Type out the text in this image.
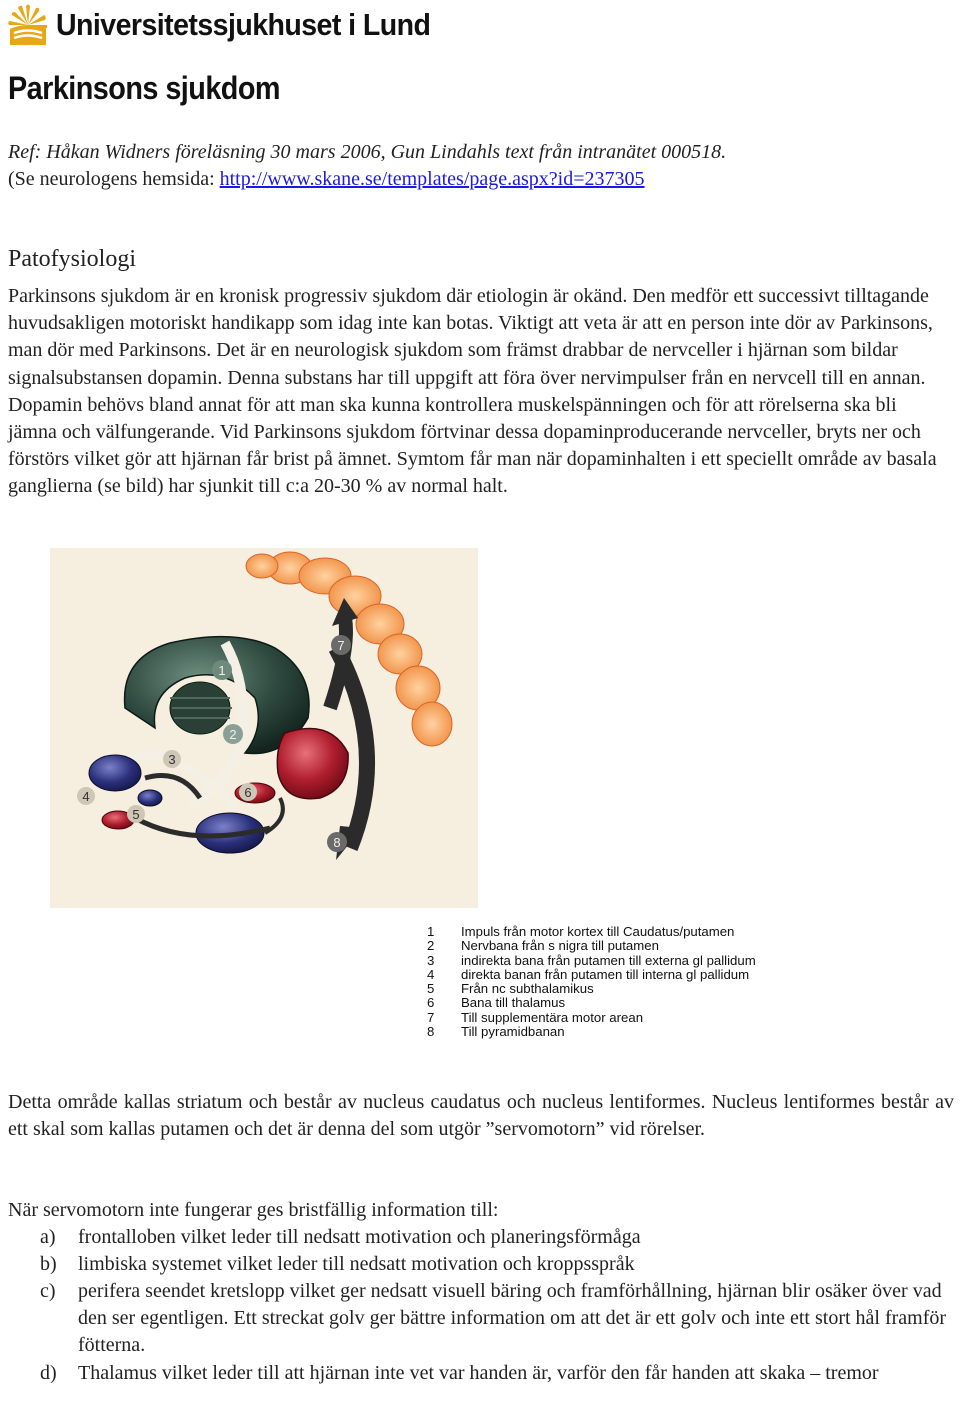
Universitetssjukhuset i Lund
Parkinsons sjukdom
Ref: Håkan Widners föreläsning 30 mars 2006, Gun Lindahls text från intranätet 000518.
(Se neurologens hemsida: http://www.skane.se/templates/page.aspx?id=237305
Patofysiologi

Parkinsons sjukdom är en kronisk progressiv sjukdom där etiologin är okänd. Den medför ett successivt tilltagande huvudsakligen motoriskt handikapp som idag inte kan botas. Viktigt att veta är att en person inte dör av Parkinsons, man dör med Parkinsons. Det är en neurologisk sjukdom som främst drabbar de nervceller i hjärnan som bildar signalsubstansen dopamin. Denna substans har till uppgift att föra över nervimpulser från en nervcell till en annan. Dopamin behövs bland annat för att man ska kunna kontrollera muskelspänningen och för att rörelserna ska bli jämna och välfungerande. Vid Parkinsons sjukdom förtvinar dessa dopaminproducerande nervceller, bryts ner och förstörs vilket gör att hjärnan får brist på ämnet. Symtom får man när dopaminhalten i ett speciellt område av basala ganglierna (se bild) har sjunkit till c:a 20-30 % av normal halt.

1
2
3
4
5
6
7
8
1 Impuls från motor kortex till Caudatus/putamen
2 Nervbana från s nigra till putamen
3 indirekta bana från putamen till externa gl pallidum
4 direkta banan från putamen till interna gl pallidum
5 Från nc subthalamikus
6 Bana till thalamus
7 Till supplementära motor arean
8 Till pyramidbanan

Detta område kallas striatum och består av nucleus caudatus och nucleus lentiformes. Nucleus lentiformes består av ett skal som kallas putamen och det är denna del som utgör ”servomotorn” vid rörelser.

När servomotorn inte fungerar ges bristfällig information till:

a) frontalloben vilket leder till nedsatt motivation och planeringsförmåga
b) limbiska systemet vilket leder till nedsatt motivation och kroppsspråk
c) perifera seendet kretslopp vilket ger nedsatt visuell bäring och framförhållning, hjärnan blir osäker över vad den ser egentligen. Ett streckat golv ger bättre information om att det är ett golv och inte ett stort hål framför fötterna.
d) Thalamus vilket leder till att hjärnan inte vet var handen är, varför den får handen att skaka – tremor
